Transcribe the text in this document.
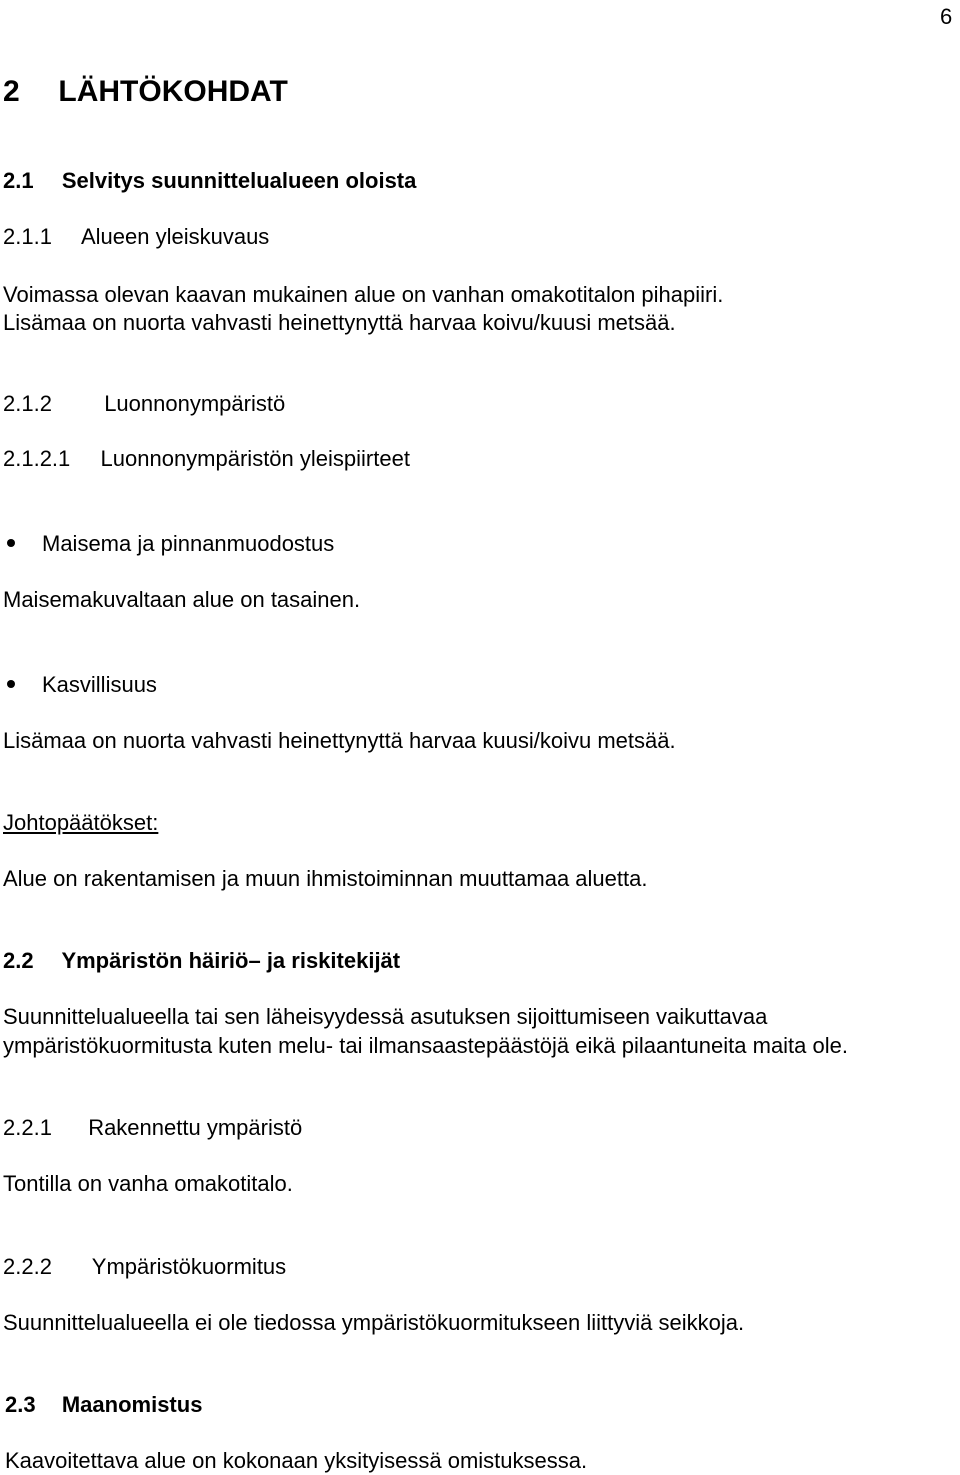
6
2 LÄHTÖKOHDAT
2.1 Selvitys suunnittelualueen oloista
2.1.1 Alueen yleiskuvaus
Voimassa olevan kaavan mukainen alue on vanhan omakotitalon pihapiiri.
Lisämaa on nuorta vahvasti heinettynyttä harvaa koivu/kuusi metsää.
2.1.2 Luonnonympäristö
2.1.2.1 Luonnonympäristön yleispiirteet
Maisema ja pinnanmuodostus
Maisemakuvaltaan alue on tasainen.
Kasvillisuus
Lisämaa on nuorta vahvasti heinettynyttä harvaa kuusi/koivu metsää.
Johtopäätökset:
Alue on rakentamisen ja muun ihmistoiminnan muuttamaa aluetta.
2.2 Ympäristön häiriö– ja riskitekijät
Suunnittelualueella tai sen läheisyydessä asutuksen sijoittumiseen vaikuttavaa
ympäristökuormitusta kuten melu- tai ilmansaastepäästöjä eikä pilaantuneita maita ole.
2.2.1 Rakennettu ympäristö
Tontilla on vanha omakotitalo.
2.2.2 Ympäristökuormitus
Suunnittelualueella ei ole tiedossa ympäristökuormitukseen liittyviä seikkoja.
2.3 Maanomistus
Kaavoitettava alue on kokonaan yksityisessä omistuksessa.
